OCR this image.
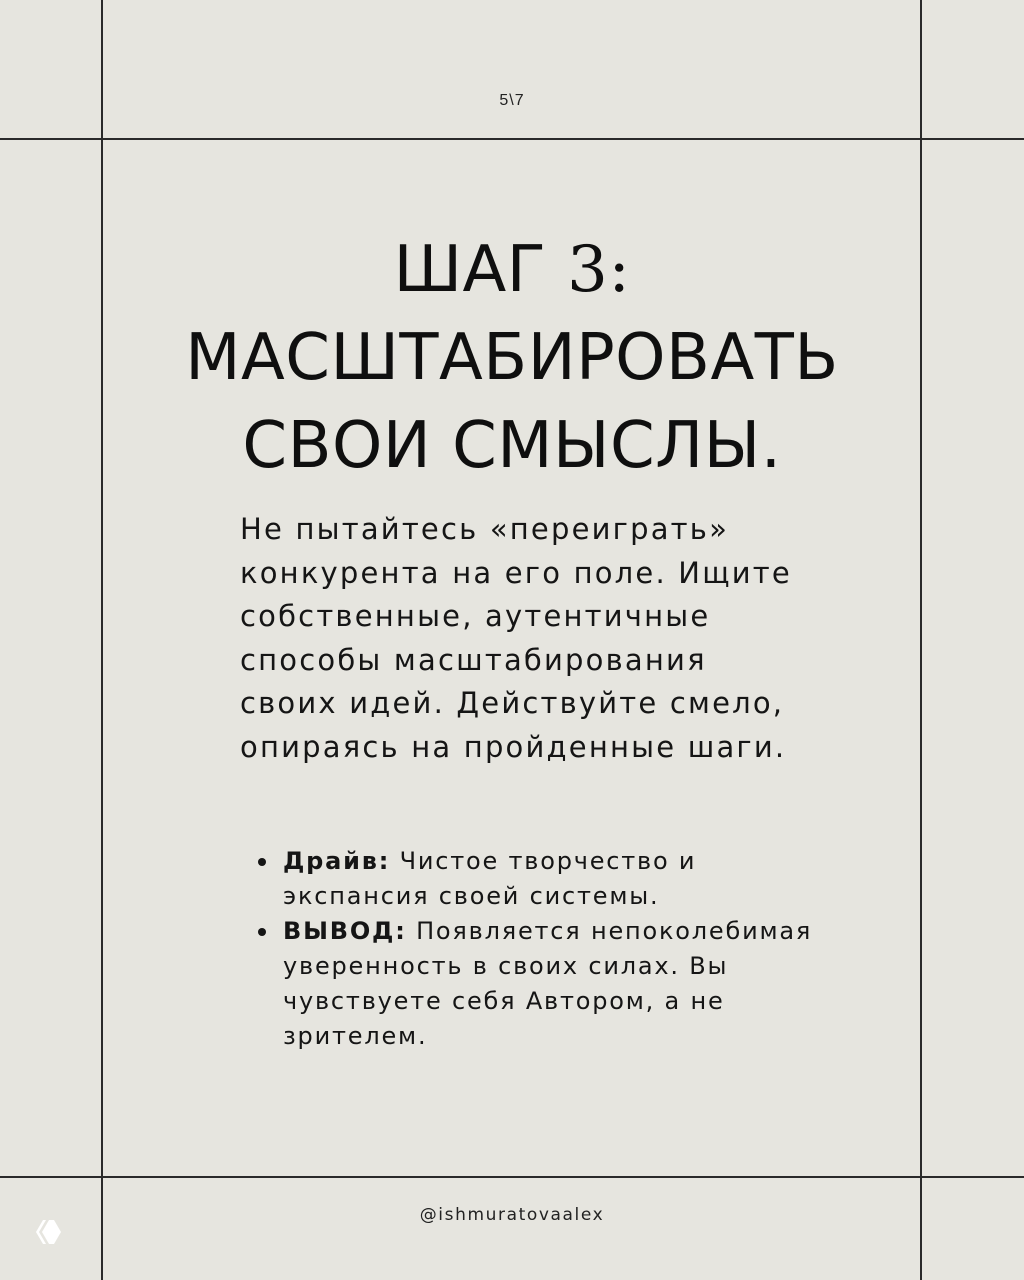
5\7
ШАГ 3:
МАСШТАБИРОВАТЬ
СВОИ СМЫСЛЫ.

Не пытайтесь «переиграть»
конкурента на его поле. Ищите
собственные, аутентичные
способы масштабирования
своих идей. Действуйте смело,
опираясь на пройденные шаги.

Драйв: Чистое творчество и
экспансия своей системы.
ВЫВОД: Появляется непоколебимая
уверенность в своих силах. Вы
чувствуете себя Автором, а не
зрителем.
@ishmuratovaalex
